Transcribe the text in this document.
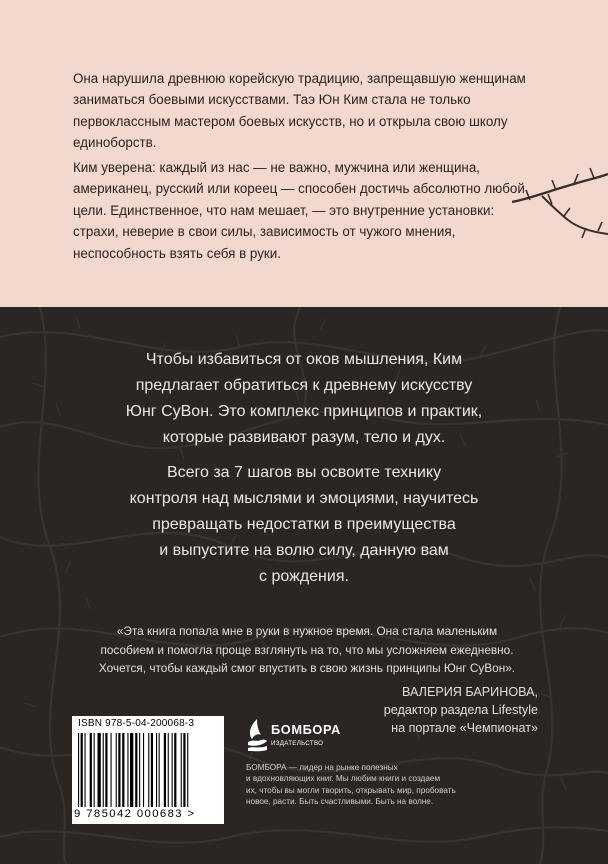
Она нарушила древнюю корейскую традицию, запрещавшую женщинам заниматься боевыми искусствами. Таэ Юн Ким стала не только первоклассным мастером боевых искусств, но и открыла свою школу единоборств.

Ким уверена: каждый из нас — не важно, мужчина или женщина, американец, русский или кореец — способен достичь абсолютно любой цели. Единственное, что нам мешает, — это внутренние установки: страхи, неверие в свои силы, зависимость от чужого мнения, неспособность взять себя в руки.

Чтобы избавиться от оков мышления, Ким
предлагает обратиться к древнему искусству
Юнг СуВон. Это комплекс принципов и практик,
которые развивают разум, тело и дух.

Всего за 7 шагов вы освоите технику
контроля над мыслями и эмоциями, научитесь
превращать недостатки в преимущества
и выпустите на волю силу, данную вам
с рождения.

«Эта книга попала мне в руки в нужное время. Она стала маленьким
пособием и помогла проще взглянуть на то, что мы усложняем ежедневно.
Хочется, чтобы каждый смог впустить в свою жизнь принципы Юнг СуВон».

ВАЛЕРИЯ БАРИНОВА,
редактор раздела Lifestyle
на портале «Чемпионат»
ISBN 978-5-04-200068-3
9 785042 000683 >
БОМБОРА
ИЗДАТЕЛЬСТВО

БОМБОРА — лидер на рынке полезных
и вдохновляющих книг. Мы любим книги и создаем
их, чтобы вы могли творить, открывать мир, пробовать
новое, расти. Быть счастливыми. Быть на волне.
